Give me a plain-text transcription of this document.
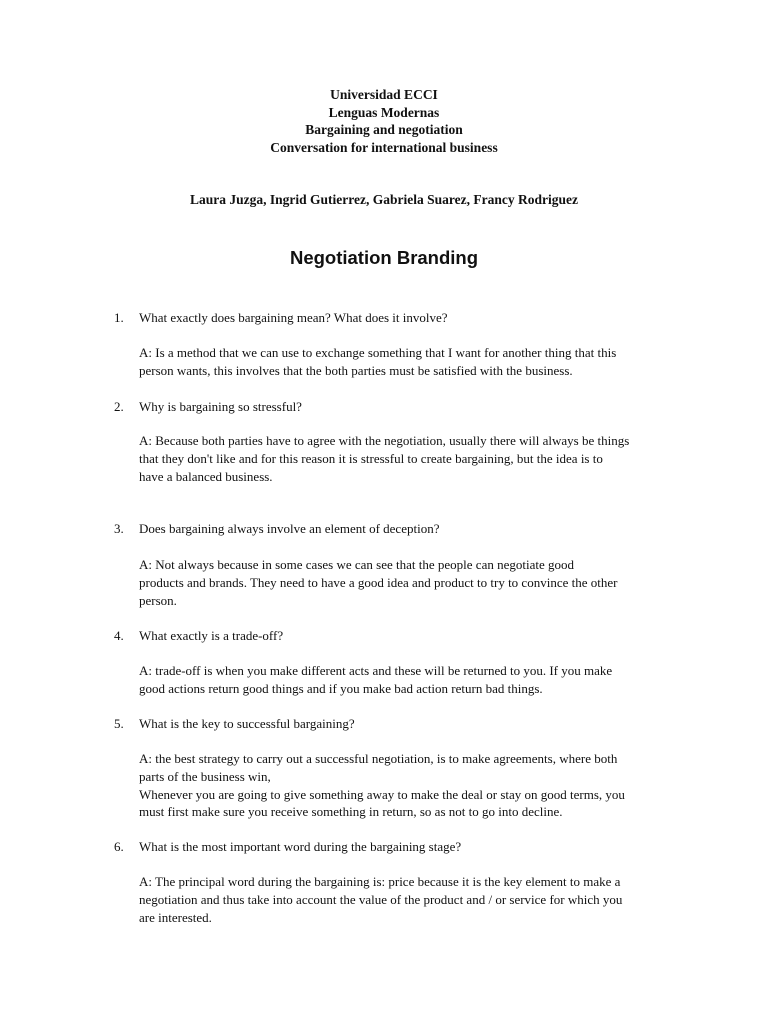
Universidad ECCI
Lenguas Modernas
Bargaining and negotiation
Conversation for international business
Laura Juzga, Ingrid Gutierrez, Gabriela Suarez, Francy Rodriguez
Negotiation Branding
1. What exactly does bargaining mean? What does it involve?
A: Is a method that we can use to exchange something that I want for another thing that this
person wants, this involves that the both parties must be satisfied with the business.
2. Why is bargaining so stressful?
A: Because both parties have to agree with the negotiation, usually there will always be things
that they don't like and for this reason it is stressful to create bargaining, but the idea is to
have a balanced business.
3. Does bargaining always involve an element of deception?
A: Not always because in some cases we can see that the people can negotiate good
products and brands. They need to have a good idea and product to try to convince the other
person.
4. What exactly is a trade-off?
A: trade-off is when you make different acts and these will be returned to you. If you make
good actions return good things and if you make bad action return bad things.
5. What is the key to successful bargaining?
A: the best strategy to carry out a successful negotiation, is to make agreements, where both
parts of the business win,
Whenever you are going to give something away to make the deal or stay on good terms, you
must first make sure you receive something in return, so as not to go into decline.
6. What is the most important word during the bargaining stage?
A: The principal word during the bargaining is: price because it is the key element to make a
negotiation and thus take into account the value of the product and / or service for which you
are interested.
